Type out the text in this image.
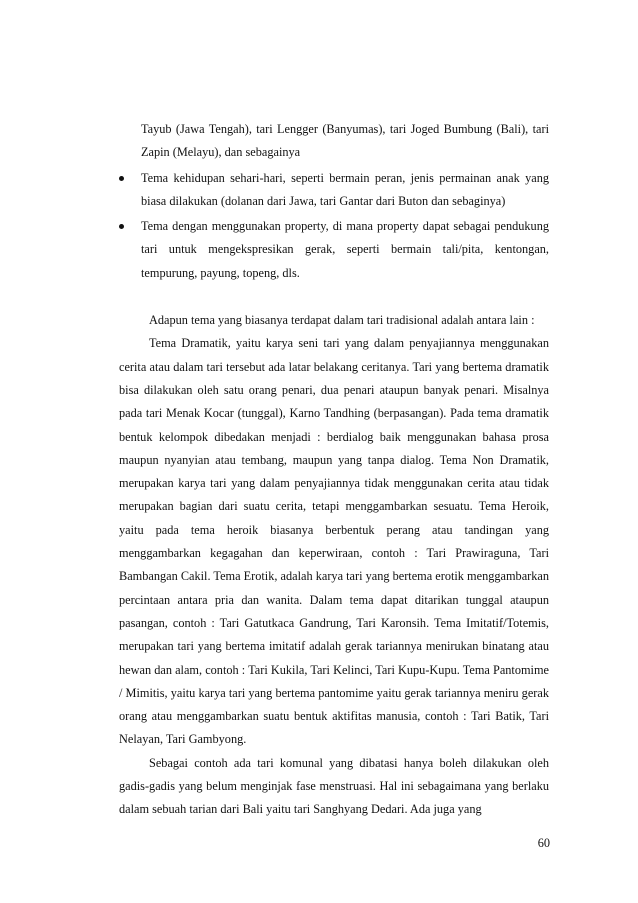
Tayub (Jawa Tengah), tari Lengger (Banyumas), tari Joged Bumbung (Bali), tari Zapin (Melayu), dan sebagainya

Tema kehidupan sehari-hari, seperti bermain peran, jenis permainan anak yang biasa dilakukan (dolanan dari Jawa, tari Gantar dari Buton dan sebaginya)
Tema dengan menggunakan property, di mana property dapat sebagai pendukung tari untuk mengekspresikan gerak, seperti bermain tali/pita, kentongan, tempurung, payung, topeng, dls.

Adapun tema yang biasanya terdapat dalam tari tradisional adalah antara lain :

Tema Dramatik, yaitu karya seni tari yang dalam penyajiannya menggunakan cerita atau dalam tari tersebut ada latar belakang ceritanya. Tari yang bertema dramatik bisa dilakukan oleh satu orang penari, dua penari ataupun banyak penari. Misalnya pada tari Menak Kocar (tunggal), Karno Tandhing (berpasangan). Pada tema dramatik bentuk kelompok dibedakan menjadi : berdialog baik menggunakan bahasa prosa maupun nyanyian atau tembang, maupun yang tanpa dialog. Tema Non Dramatik, merupakan karya tari yang dalam penyajiannya tidak menggunakan cerita atau tidak merupakan bagian dari suatu cerita, tetapi menggambarkan sesuatu. Tema Heroik, yaitu pada tema heroik biasanya berbentuk perang atau tandingan yang menggambarkan kegagahan dan keperwiraan, contoh : Tari Prawiraguna, Tari Bambangan Cakil. Tema Erotik, adalah karya tari yang bertema erotik menggambarkan percintaan antara pria dan wanita. Dalam tema dapat ditarikan tunggal ataupun pasangan, contoh : Tari Gatutkaca Gandrung, Tari Karonsih. Tema Imitatif/Totemis, merupakan tari yang bertema imitatif adalah gerak tariannya menirukan binatang atau hewan dan alam, contoh : Tari Kukila, Tari Kelinci, Tari Kupu-Kupu. Tema Pantomime / Mimitis, yaitu karya tari yang bertema pantomime yaitu gerak tariannya meniru gerak orang atau menggambarkan suatu bentuk aktifitas manusia, contoh : Tari Batik, Tari Nelayan, Tari Gambyong.

Sebagai contoh ada tari komunal yang dibatasi hanya boleh dilakukan oleh gadis-gadis yang belum menginjak fase menstruasi. Hal ini sebagaimana yang berlaku dalam sebuah tarian dari Bali yaitu tari Sanghyang Dedari. Ada juga yang

60
